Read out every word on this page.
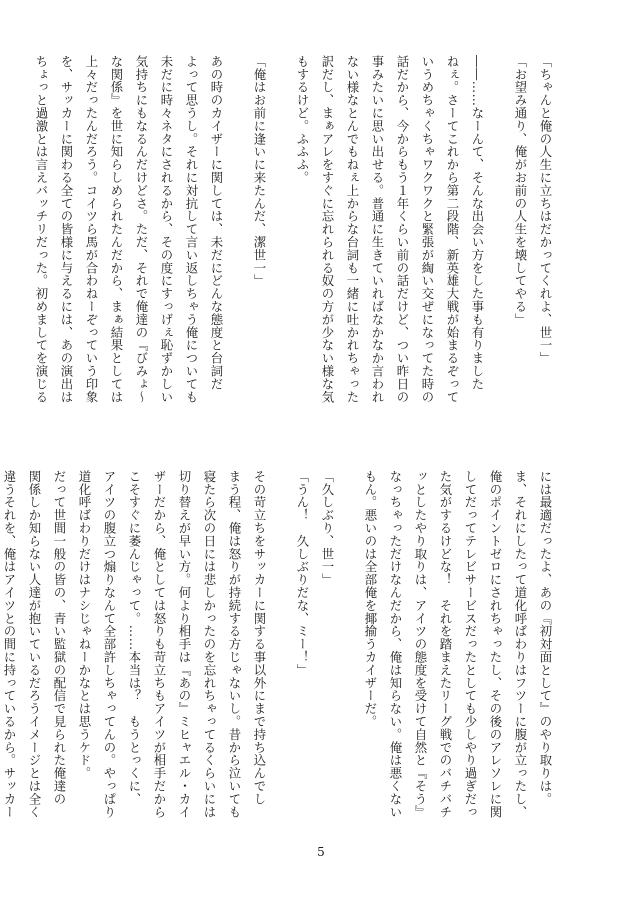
「ちゃんと俺の人生に立ちはだかってくれよ、世一」
「お望み通り、俺がお前の人生を壊してやる」
――……なーんて、そんな出会い方をした事も有りました
ねぇ。さーてこれから第二段階、新英雄大戦が始まるぞって
いうめちゃくちゃワクワクと緊張が綯い交ぜになってた時の
話だから、今からもう１年くらい前の話だけど、つい昨日の
事みたいに思い出せる。普通に生きていればなかなか言われ
ない様なとんでもねぇ上からな台詞も一緒に吐かれちゃった
訳だし、まぁアレをすぐに忘れられる奴の方が少ない様な気
もするけど。ふふふ。
「俺はお前に逢いに来たんだ、潔世一」
あの時のカイザーに関しては、未だにどんな態度と台詞だ
よって思うし。それに対抗して言い返しちゃう俺についても
未だに時々ネタにされるから、その度にすっげぇ恥ずかしい
気持ちにもなるんだけどさ。ただ、それで俺達の『びみょ〜
な関係』を世に知らしめられたんだから、まぁ結果としては
上々だったんだろう。コイツら馬が合わねーぞっていう印象
を、サッカーに関わる全ての皆様に与えるには、あの演出は
ちょっと過激とは言えバッチリだった。初めましてを演じる
には最適だったよ、あの『初対面として』のやり取りは。
ま、それにしたって道化呼ばわりはフツーに腹が立ったし、
俺のポイントゼロにされちゃったし、その後のアレソレに関
してだってテレビサービスだったとしても少しやり過ぎだっ
た気がするけどな！　それを踏まえたリーグ戦でのバチバチ
ッとしたやり取りは、アイツの態度を受けて自然と『そう』
なっちゃっただけなんだから、俺は知らない。俺は悪くない
もん。悪いのは全部俺を揶揄うカイザーだ。
「久しぶり、世一」
「うん！　久しぶりだな、ミー！」
その苛立ちをサッカーに関する事以外にまで持ち込んでし
まう程、俺は怒りが持続する方じゃないし。昔から泣いても
寝たら次の日には悲しかったのを忘れちゃってるくらいには
切り替えが早い方。何より相手は『あの』ミヒャエル・カイ
ザーだから、俺としては怒りも苛立ちもアイツが相手だから
こそすぐに萎んじゃって。……本当は？　もうとっくに、
アイツの腹立つ煽りなんて全部許しちゃってんの。やっぱり
道化呼ばわりだけはナシじゃねーかなとは思うケド。
だって世間一般の皆の、青い監獄の配信で見られた俺達の
関係しか知らない人達が抱いているだろうイメージとは全く
違うそれを、俺はアイツとの間に持っているから。サッカー
5
